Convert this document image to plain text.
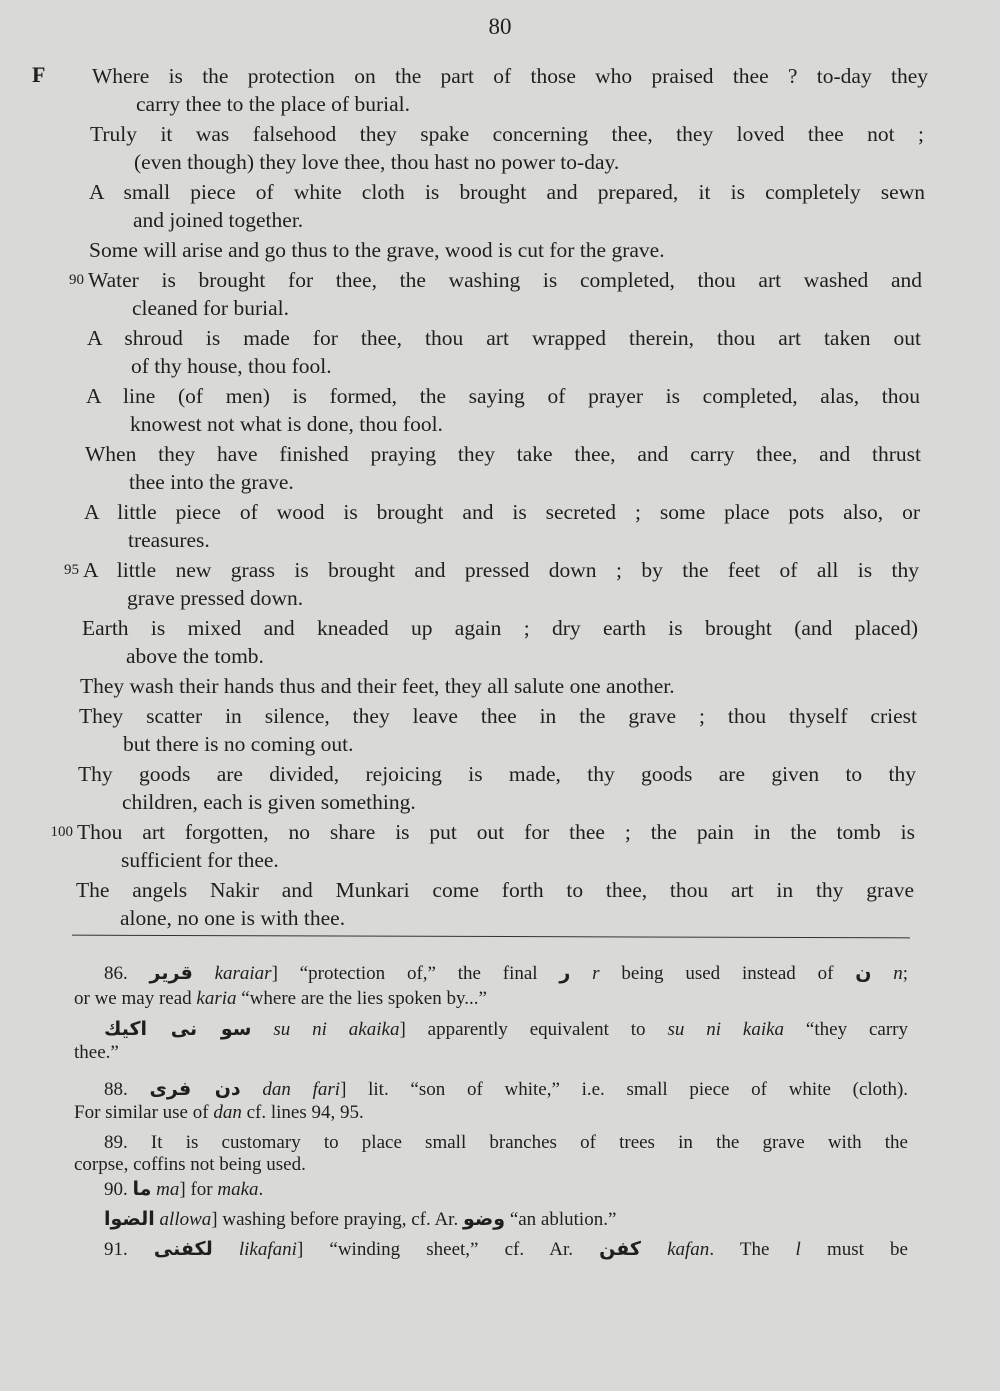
80
F Where is the protection on the part of those who praised thee ? to-day they
carry thee to the place of burial.
Truly it was falsehood they spake concerning thee, they loved thee not ;
(even though) they love thee, thou hast no power to-day.
A small piece of white cloth is brought and prepared, it is completely sewn
and joined together.
Some will arise and go thus to the grave, wood is cut for the grave.
90 Water is brought for thee, the washing is completed, thou art washed and
cleaned for burial.
A shroud is made for thee, thou art wrapped therein, thou art taken out
of thy house, thou fool.
A line (of men) is formed, the saying of prayer is completed, alas, thou
knowest not what is done, thou fool.
When they have finished praying they take thee, and carry thee, and thrust
thee into the grave.
A little piece of wood is brought and is secreted ; some place pots also, or
treasures.
95 A little new grass is brought and pressed down ; by the feet of all is thy
grave pressed down.
Earth is mixed and kneaded up again ; dry earth is brought (and placed)
above the tomb.
They wash their hands thus and their feet, they all salute one another.
They scatter in silence, they leave thee in the grave ; thou thyself criest
but there is no coming out.
Thy goods are divided, rejoicing is made, thy goods are given to thy
children, each is given something.
100 Thou art forgotten, no share is put out for thee ; the pain in the tomb is
sufficient for thee.
The angels Nakir and Munkari come forth to thee, thou art in thy grave
alone, no one is with thee.
86. قرير karaiar] “protection of,” the final ر r being used instead of ن n;
or we may read karia “where are the lies spoken by...”
سو نى اكيك su ni akaika] apparently equivalent to su ni kaika “they carry
thee.”
88. دن فرى dan fari] lit. “son of white,” i.e. small piece of white (cloth).
For similar use of dan cf. lines 94, 95.
89. It is customary to place small branches of trees in the grave with the
corpse, coffins not being used.
90. ما ma] for maka.
الضوا allowa] washing before praying, cf. Ar. وضو “an ablution.”
91. لكفنى likafani] “winding sheet,” cf. Ar. كفن kafan. The l must be
